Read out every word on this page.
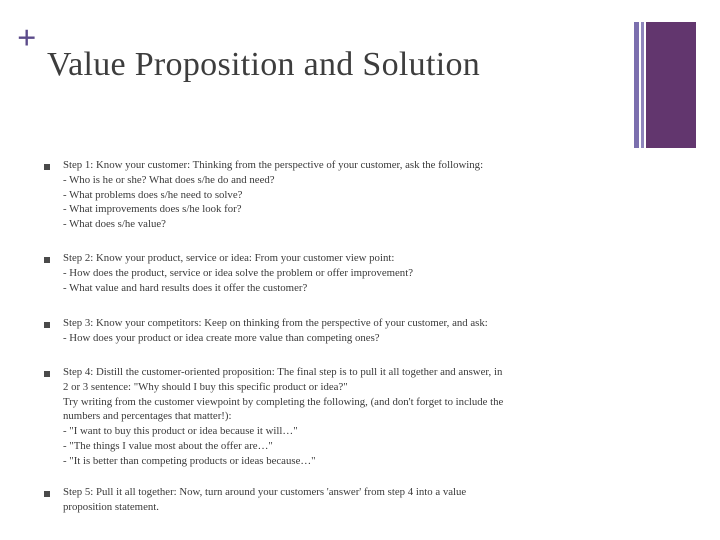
+
Value Proposition and Solution
Step 1: Know your customer: Thinking from the perspective of your customer, ask the following:
- Who is he or she? What does s/he do and need?
- What problems does s/he need to solve?
- What improvements does s/he look for?
- What does s/he value?
Step 2: Know your product, service or idea: From your customer view point:
- How does the product, service or idea solve the problem or offer improvement?
- What value and hard results does it offer the customer?
Step 3: Know your competitors: Keep on thinking from the perspective of your customer, and ask:
- How does your product or idea create more value than competing ones?
Step 4: Distill the customer-oriented proposition: The final step is to pull it all together and answer, in
2 or 3 sentence: "Why should I buy this specific product or idea?"
Try writing from the customer viewpoint by completing the following, (and don't forget to include the
numbers and percentages that matter!):
- "I want to buy this product or idea because it will…"
- "The things I value most about the offer are…"
- "It is better than competing products or ideas because…"
Step 5: Pull it all together: Now, turn around your customers 'answer' from step 4 into a value
proposition statement.
